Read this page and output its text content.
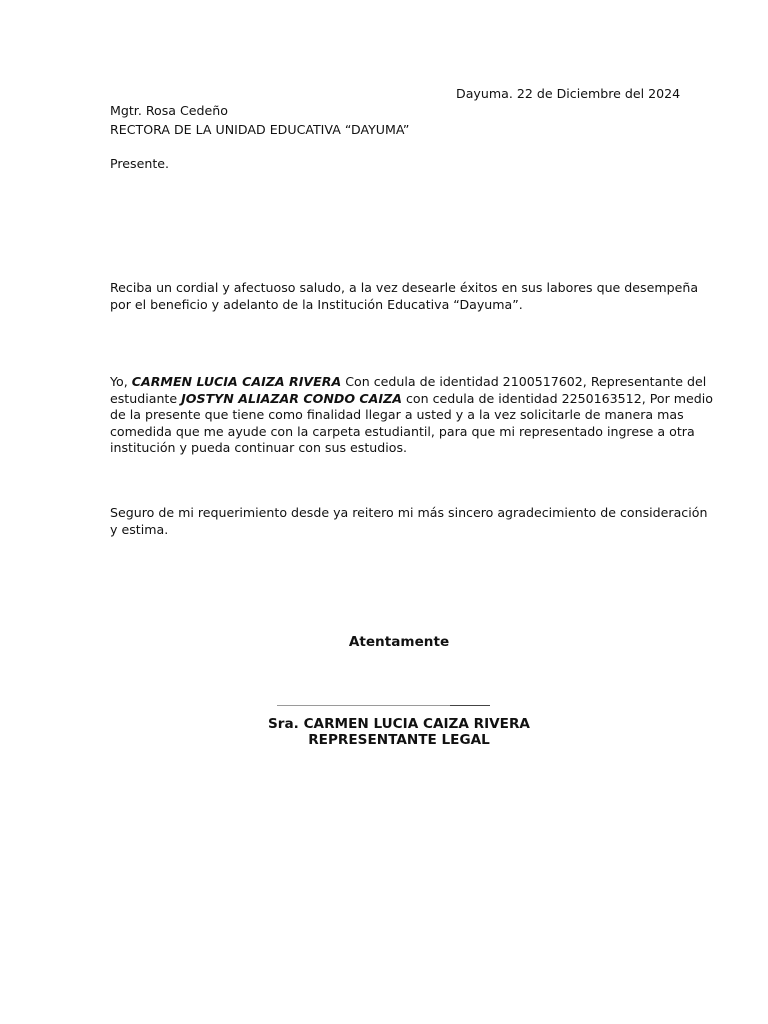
Dayuma. 22 de Diciembre del 2024
Mgtr. Rosa Cedeño
RECTORA DE LA UNIDAD EDUCATIVA “DAYUMA”
Presente.
Reciba un cordial y afectuoso saludo, a la vez desearle éxitos en sus labores que desempeña
por el beneficio y adelanto de la Institución Educativa “Dayuma”.
Yo, CARMEN LUCIA CAIZA RIVERA Con cedula de identidad 2100517602, Representante del
estudiante JOSTYN ALIAZAR CONDO CAIZA con cedula de identidad 2250163512, Por medio
de la presente que tiene como finalidad llegar a usted y a la vez solicitarle de manera mas
comedida que me ayude con la carpeta estudiantil, para que mi representado ingrese a otra
institución y pueda continuar con sus estudios.
Seguro de mi requerimiento desde ya reitero mi más sincero agradecimiento de consideración
y estima.
Atentamente
Sra. CARMEN LUCIA CAIZA RIVERA
REPRESENTANTE LEGAL
